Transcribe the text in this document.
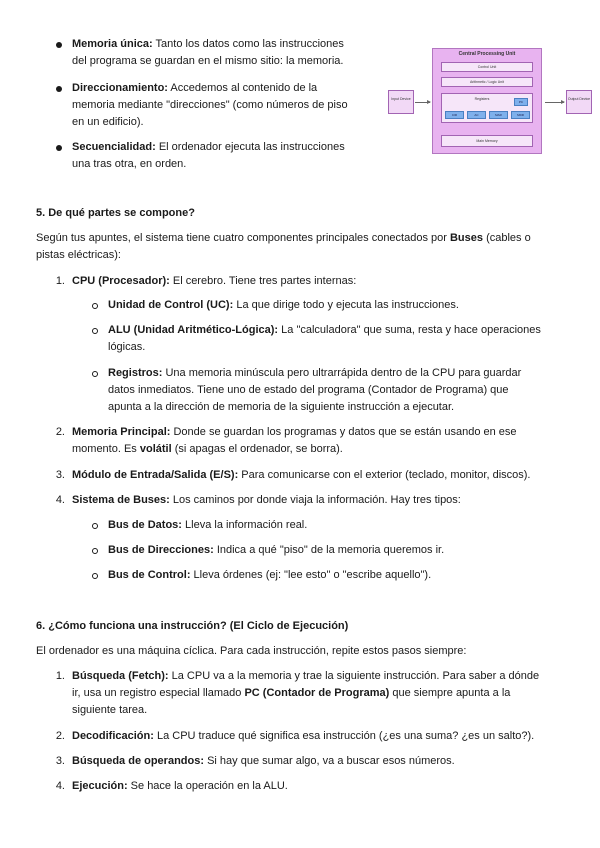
Memoria única: Tanto los datos como las instrucciones
del programa se guardan en el mismo sitio: la memoria.
Direccionamiento: Accedemos al contenido de la
memoria mediante "direcciones" (como números de piso
en un edificio).
Secuencialidad: El ordenador ejecuta las instrucciones
una tras otra, en orden.
Input Device
Central Processing Unit
Control Unit
Arithmetic / Logic Unit
Registers
PC
CIR	AC	MAR	MDR
Main Memory
Output Device
5. De qué partes se compone?
Según tus apuntes, el sistema tiene cuatro componentes principales conectados por Buses (cables o
pistas eléctricas):
1. CPU (Procesador): El cerebro. Tiene tres partes internas:
Unidad de Control (UC): La que dirige todo y ejecuta las instrucciones.
ALU (Unidad Aritmético-Lógica): La "calculadora" que suma, resta y hace operaciones
lógicas.
Registros: Una memoria minúscula pero ultrarrápida dentro de la CPU para guardar
datos inmediatos. Tiene uno de estado del programa (Contador de Programa) que
apunta a la dirección de memoria de la siguiente instrucción a ejecutar.
2. Memoria Principal: Donde se guardan los programas y datos que se están usando en ese
momento. Es volátil (si apagas el ordenador, se borra).
3. Módulo de Entrada/Salida (E/S): Para comunicarse con el exterior (teclado, monitor, discos).
4. Sistema de Buses: Los caminos por donde viaja la información. Hay tres tipos:
Bus de Datos: Lleva la información real.
Bus de Direcciones: Indica a qué "piso" de la memoria queremos ir.
Bus de Control: Lleva órdenes (ej: "lee esto" o "escribe aquello").
6. ¿Cómo funciona una instrucción? (El Ciclo de Ejecución)
El ordenador es una máquina cíclica. Para cada instrucción, repite estos pasos siempre:
1. Búsqueda (Fetch): La CPU va a la memoria y trae la siguiente instrucción. Para saber a dónde
ir, usa un registro especial llamado PC (Contador de Programa) que siempre apunta a la
siguiente tarea.
2. Decodificación: La CPU traduce qué significa esa instrucción (¿es una suma? ¿es un salto?).
3. Búsqueda de operandos: Si hay que sumar algo, va a buscar esos números.
4. Ejecución: Se hace la operación en la ALU.
